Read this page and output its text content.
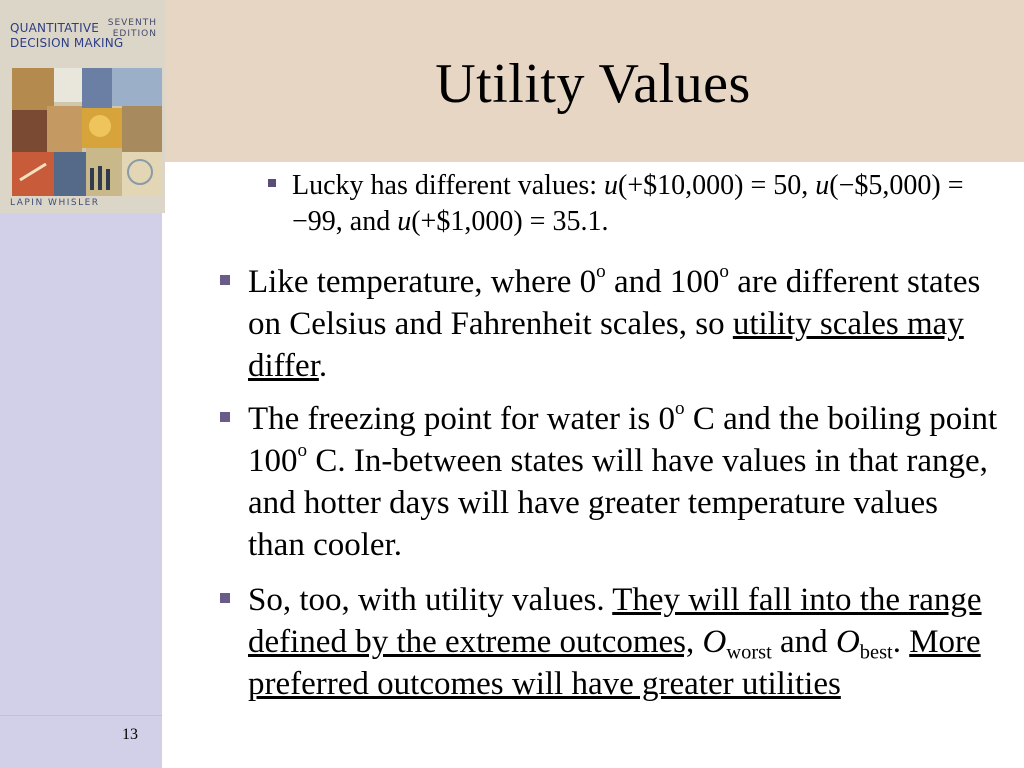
SEVENTH
EDITION
QUANTITATIVE
DECISION MAKING
LAPIN WHISLER
Utility Values
Lucky has different values: u(+$10,000) = 50, u(−$5,000) = −99, and u(+$1,000) = 35.1.
Like temperature, where 0$^o$ and 100$^o$ are different states on Celsius and Fahrenheit scales, so utility scales may differ.
The freezing point for water is 0$^o$ C and the boiling point 100$^o$ C. In-between states will have values in that range, and hotter days will have greater temperature values than cooler.
So, too, with utility values. They will fall into the range defined by the extreme outcomes, $O_{worst}$ and $O_{best}$. More preferred outcomes will have greater utilities
13
